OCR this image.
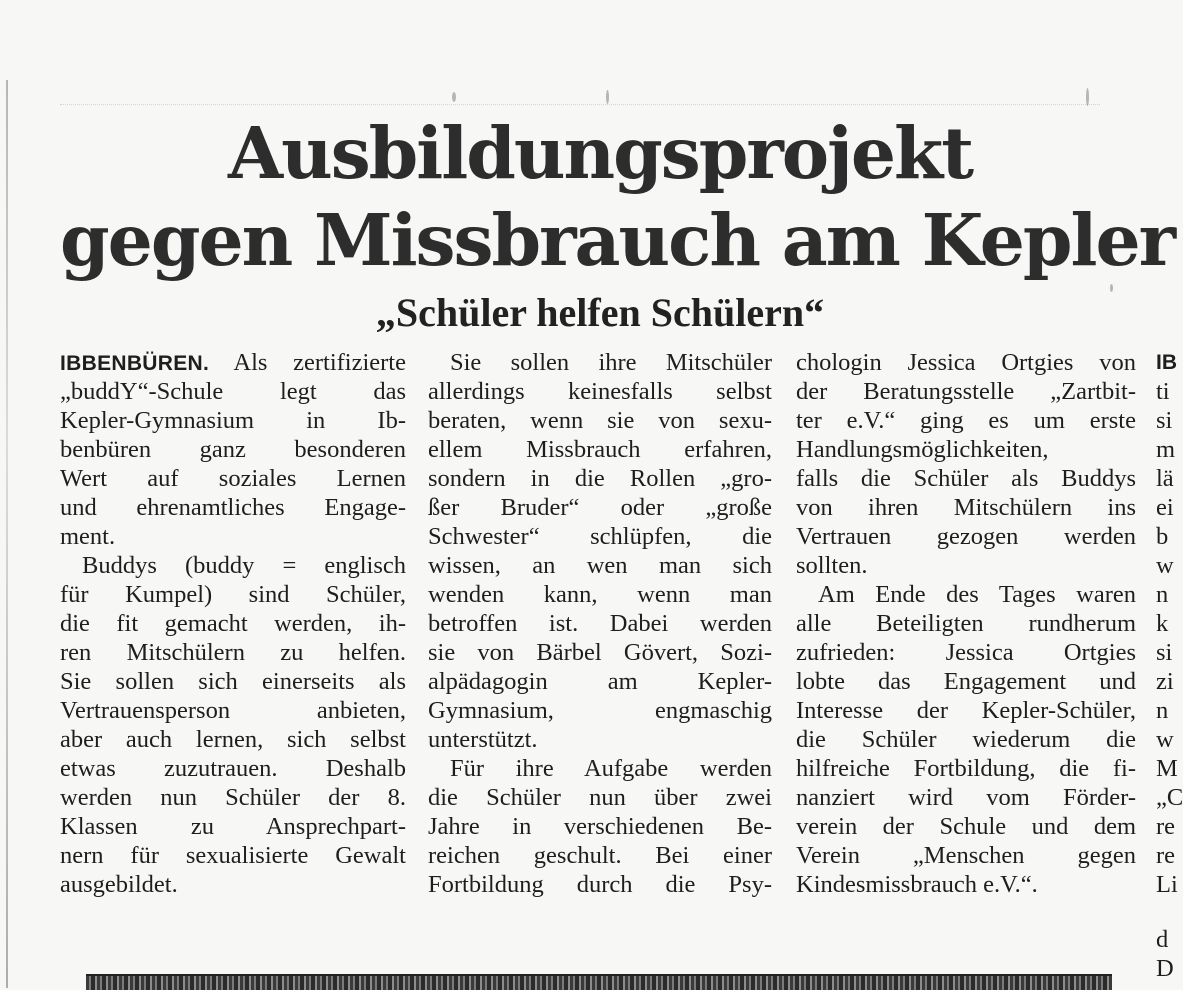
Ausbildungsprojekt
gegen Missbrauch am Kepler
„Schüler helfen Schülern“
IBBENBÜREN. Als zertifizierte
„buddY“-Schule legt das
Kepler-Gymnasium in Ib-
benbüren ganz besonderen
Wert auf soziales Lernen
und ehrenamtliches Engage-
ment.
Buddys (buddy = englisch
für Kumpel) sind Schüler,
die fit gemacht werden, ih-
ren Mitschülern zu helfen.
Sie sollen sich einerseits als
Vertrauensperson anbieten,
aber auch lernen, sich selbst
etwas zuzutrauen. Deshalb
werden nun Schüler der 8.
Klassen zu Ansprechpart-
nern für sexualisierte Gewalt
ausgebildet.
Sie sollen ihre Mitschüler
allerdings keinesfalls selbst
beraten, wenn sie von sexu-
ellem Missbrauch erfahren,
sondern in die Rollen „gro-
ßer Bruder“ oder „große
Schwester“ schlüpfen, die
wissen, an wen man sich
wenden kann, wenn man
betroffen ist. Dabei werden
sie von Bärbel Gövert, Sozi-
alpädagogin am Kepler-
Gymnasium, engmaschig
unterstützt.
Für ihre Aufgabe werden
die Schüler nun über zwei
Jahre in verschiedenen Be-
reichen geschult. Bei einer
Fortbildung durch die Psy-
chologin Jessica Ortgies von
der Beratungsstelle „Zartbit-
ter e.V.“ ging es um erste
Handlungsmöglichkeiten,
falls die Schüler als Buddys
von ihren Mitschülern ins
Vertrauen gezogen werden
sollten.
Am Ende des Tages waren
alle Beteiligten rundherum
zufrieden: Jessica Ortgies
lobte das Engagement und
Interesse der Kepler-Schüler,
die Schüler wiederum die
hilfreiche Fortbildung, die fi-
nanziert wird vom Förder-
verein der Schule und dem
Verein „Menschen gegen
Kindesmissbrauch e.V.“.
IB
ti
si
m
lä
ei
b
w
n
k
si
zi
n
w
M
„C
re
re
Li
d
D
